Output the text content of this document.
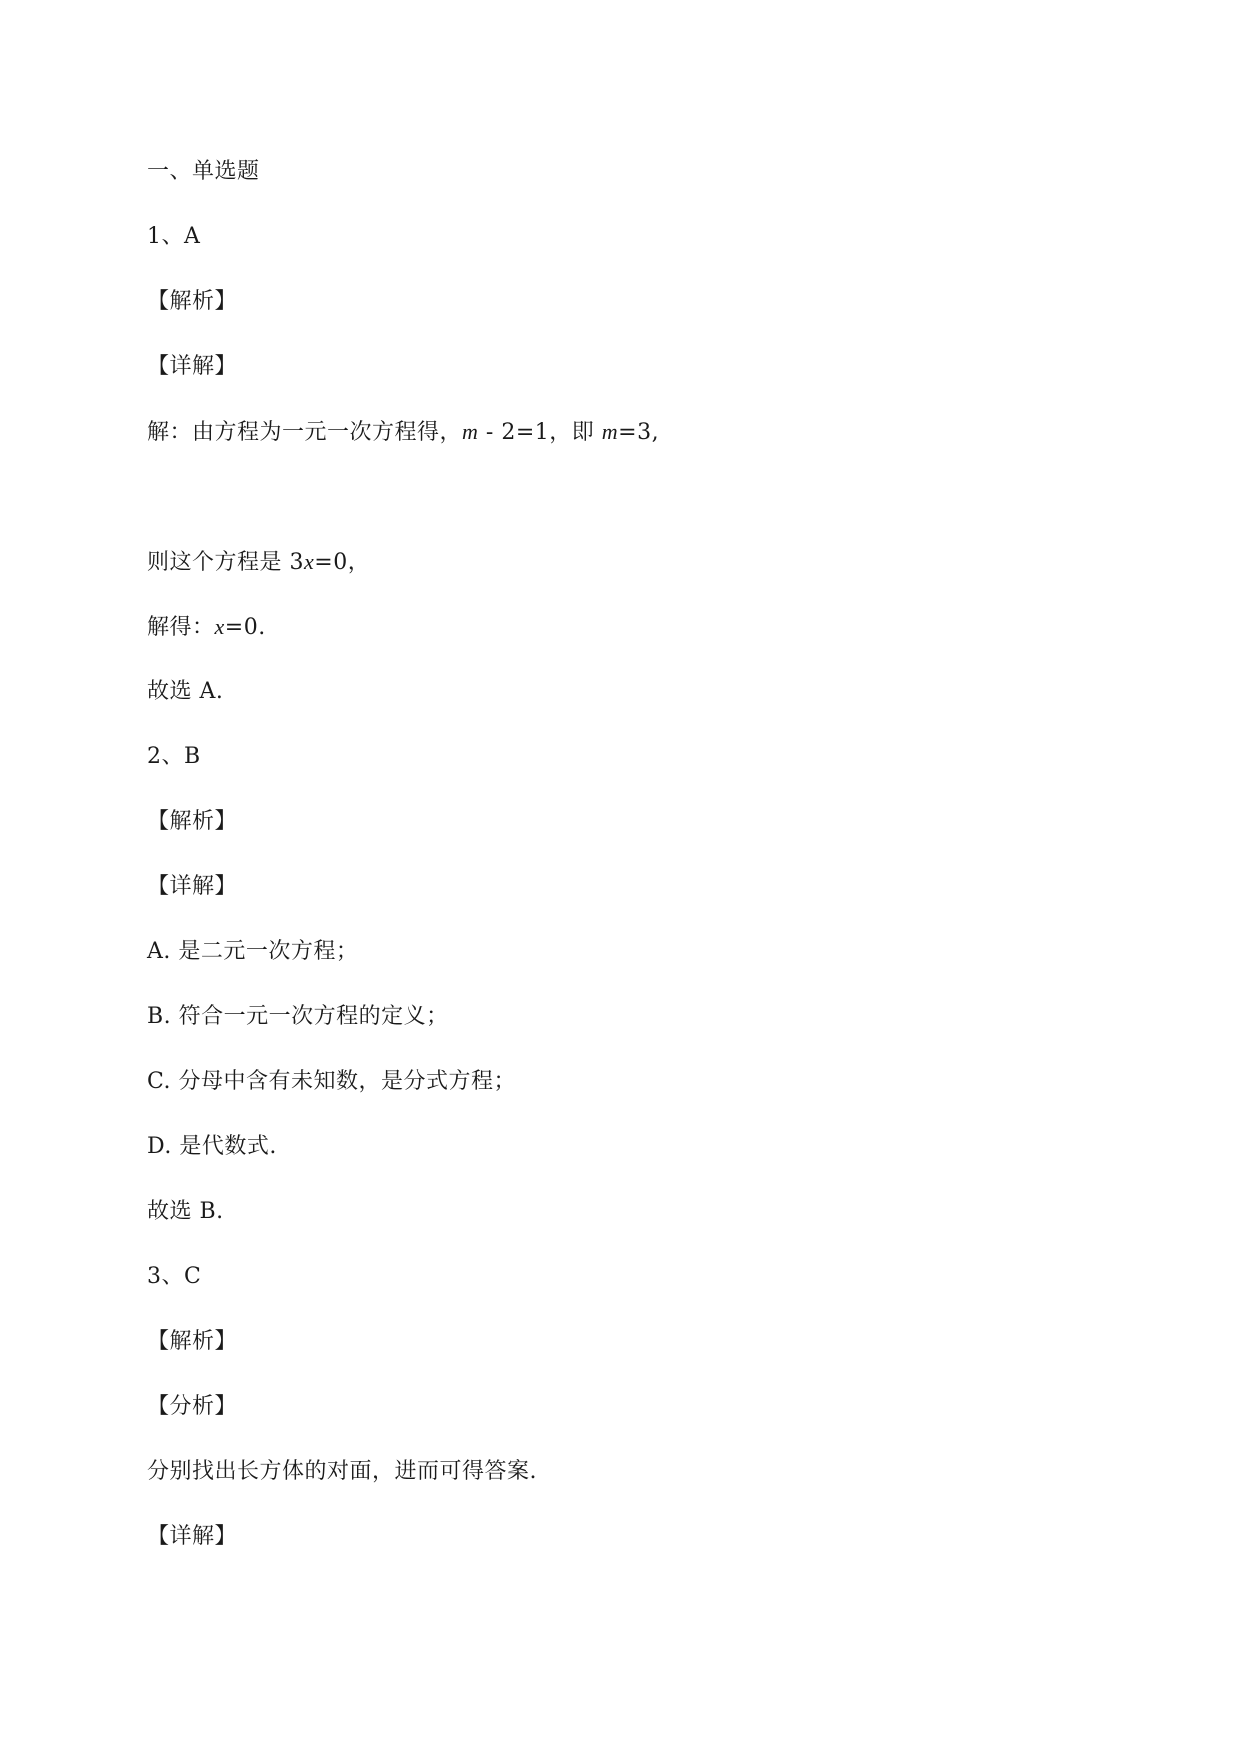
一、单选题
1、A
【解析】
【详解】
解：由方程为一元一次方程得，m - 2=1，即 m=3,
则这个方程是 3x=0，
解得：x=0.
故选 A.
2、B
【解析】
【详解】
A. 是二元一次方程；
B. 符合一元一次方程的定义；
C. 分母中含有未知数，是分式方程；
D. 是代数式.
故选 B.
3、C
【解析】
【分析】
分别找出长方体的对面，进而可得答案.
【详解】
